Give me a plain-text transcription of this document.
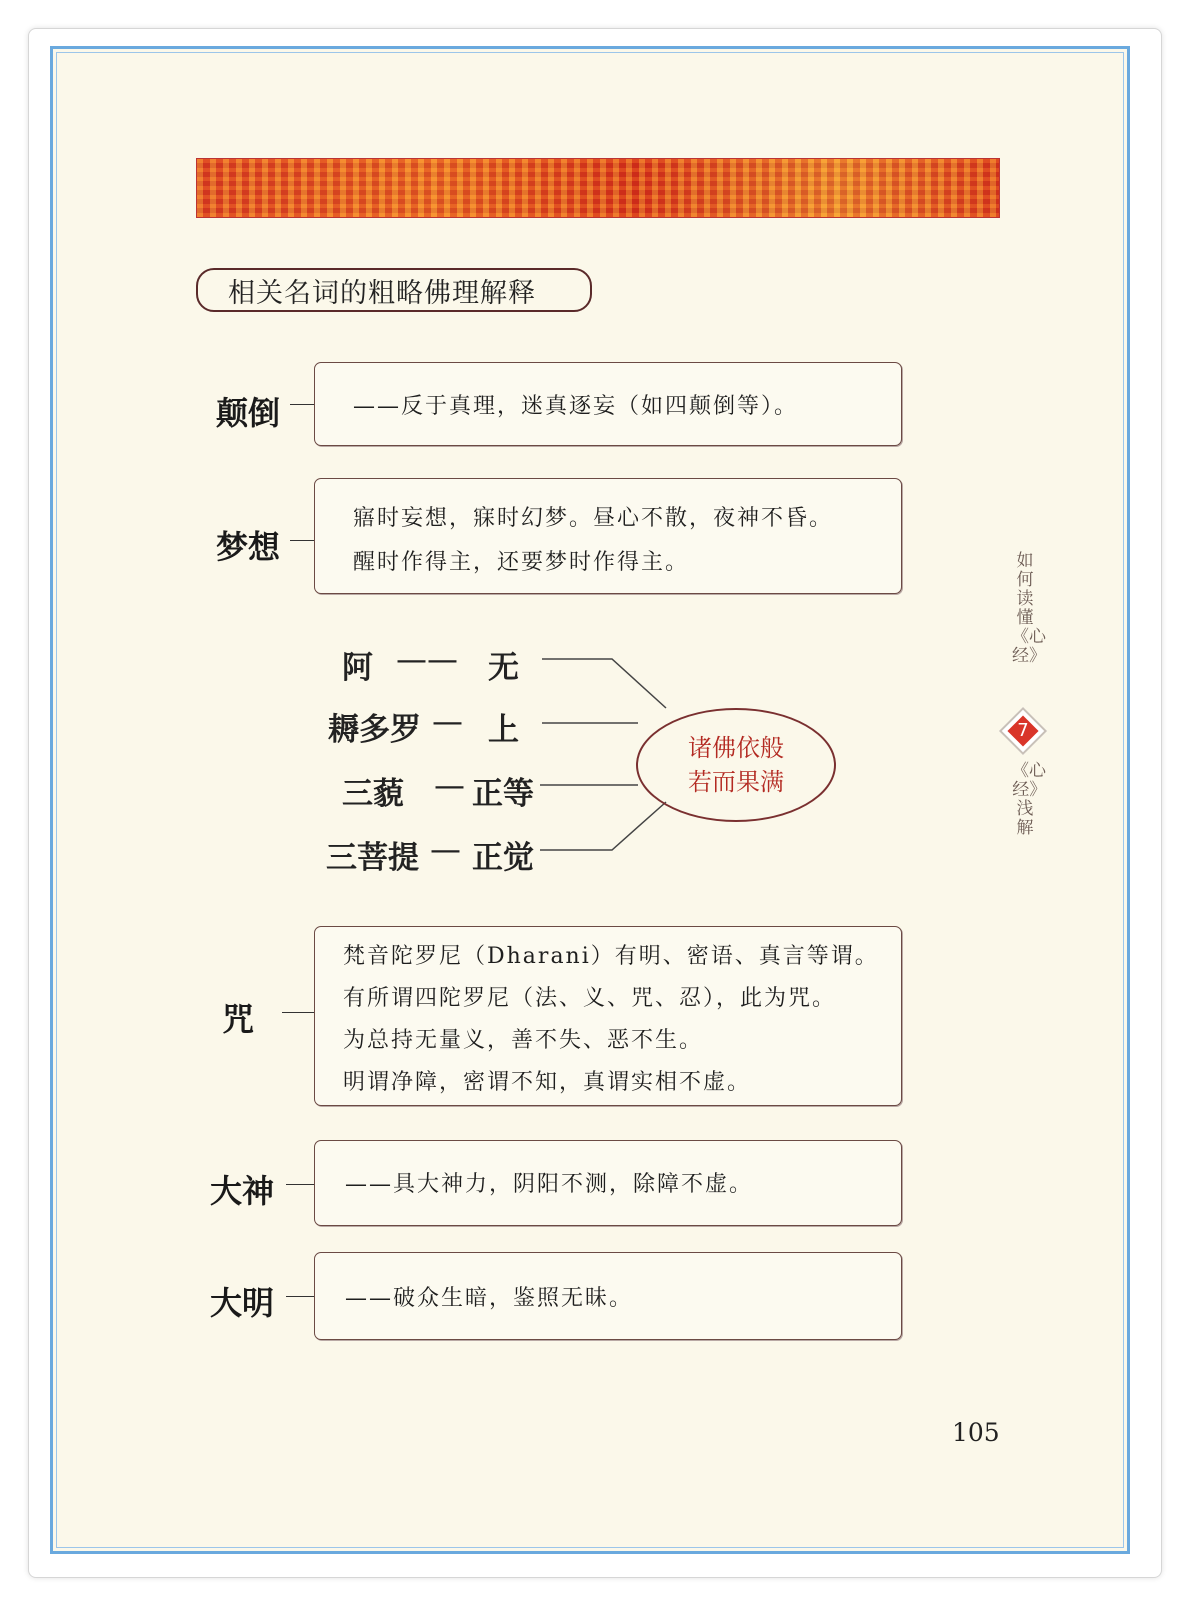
相关名词的粗略佛理解释
颠倒	——反于真理，迷真逐妄（如四颠倒等）。
梦想
寤时妄想，寐时幻梦。昼心不散，夜神不昏。
醒时作得主，还要梦时作得主。
阿 —— 无
耨多罗 — 上
三藐 — 正等
三菩提 — 正觉
诸佛依般
若而果满
咒
梵音陀罗尼（Dharani）有明、密语、真言等谓。
有所谓四陀罗尼（法、义、咒、忍），此为咒。
为总持无量义，善不失、恶不生。
明谓净障，密谓不知，真谓实相不虚。
大神	——具大神力，阴阳不测，除障不虚。
大明	——破众生暗，鉴照无昧。
如何读懂《心经》
7
《心经》浅解
105
